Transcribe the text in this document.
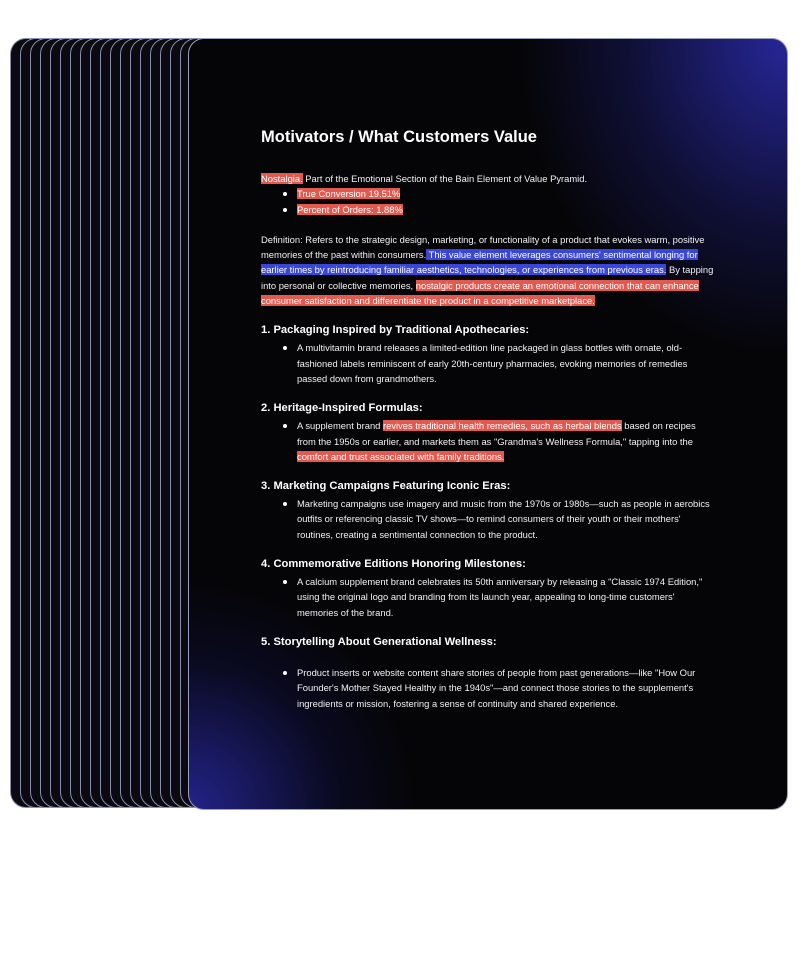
Motivators / What Customers Value

Nostalgia. Part of the Emotional Section of the Bain Element of Value Pyramid.

True Conversion 19.51%
Percent of Orders: 1.88%

Definition: Refers to the strategic design, marketing, or functionality of a product that evokes warm, positive memories of the past within consumers. This value element leverages consumers' sentimental longing for earlier times by reintroducing familiar aesthetics, technologies, or experiences from previous eras. By tapping into personal or collective memories, nostalgic products create an emotional connection that can enhance consumer satisfaction and differentiate the product in a competitive marketplace.

1. Packaging Inspired by Traditional Apothecaries:
A multivitamin brand releases a limited-edition line packaged in glass bottles with ornate, old-fashioned labels reminiscent of early 20th-century pharmacies, evoking memories of remedies passed down from grandmothers.
2. Heritage-Inspired Formulas:
A supplement brand revives traditional health remedies, such as herbal blends based on recipes from the 1950s or earlier, and markets them as "Grandma's Wellness Formula," tapping into the comfort and trust associated with family traditions.
3. Marketing Campaigns Featuring Iconic Eras:
Marketing campaigns use imagery and music from the 1970s or 1980s—such as people in aerobics outfits or referencing classic TV shows—to remind consumers of their youth or their mothers' routines, creating a sentimental connection to the product.
4. Commemorative Editions Honoring Milestones:
A calcium supplement brand celebrates its 50th anniversary by releasing a "Classic 1974 Edition," using the original logo and branding from its launch year, appealing to long-time customers' memories of the brand.
5. Storytelling About Generational Wellness:
Product inserts or website content share stories of people from past generations—like "How Our Founder's Mother Stayed Healthy in the 1940s"—and connect those stories to the supplement's ingredients or mission, fostering a sense of continuity and shared experience.
